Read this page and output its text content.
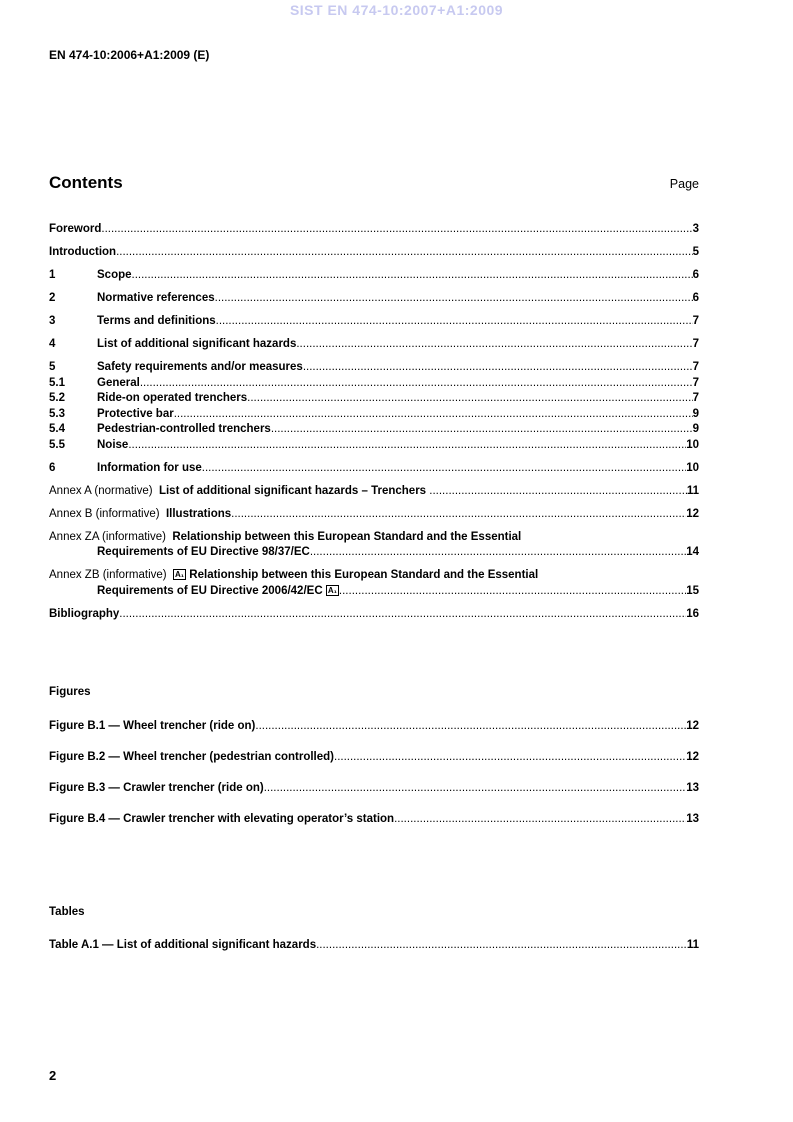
SIST EN 474-10:2007+A1:2009
EN 474-10:2006+A1:2009 (E)
Contents	Page
Foreword .....	3
Introduction .....	5
1	Scope .....	6
2	Normative references .....	6
3	Terms and definitions .....	7
4	List of additional significant hazards .....	7
5	Safety requirements and/or measures .....	7
5.1	General .....	7
5.2	Ride-on operated trenchers .....	7
5.3	Protective bar .....	9
5.4	Pedestrian-controlled trenchers .....	9
5.5	Noise .....	10
6	Information for use .....	10
Annex A (normative) List of additional significant hazards – Trenchers .....	11
Annex B (informative) Illustrations .....	12
Annex ZA (informative) Relationship between this European Standard and the Essential
Requirements of EU Directive 98/37/EC .....	14
Annex ZB (informative) A₁ Relationship between this European Standard and the Essential
Requirements of EU Directive 2006/42/EC A₁ .....	15
Bibliography .....	16
Figures
Figure B.1 — Wheel trencher (ride on) .....	12
Figure B.2 — Wheel trencher (pedestrian controlled) .....	12
Figure B.3 — Crawler trencher (ride on) .....	13
Figure B.4 — Crawler trencher with elevating operator’s station .....	13
Tables
Table A.1 — List of additional significant hazards .....	11
2
